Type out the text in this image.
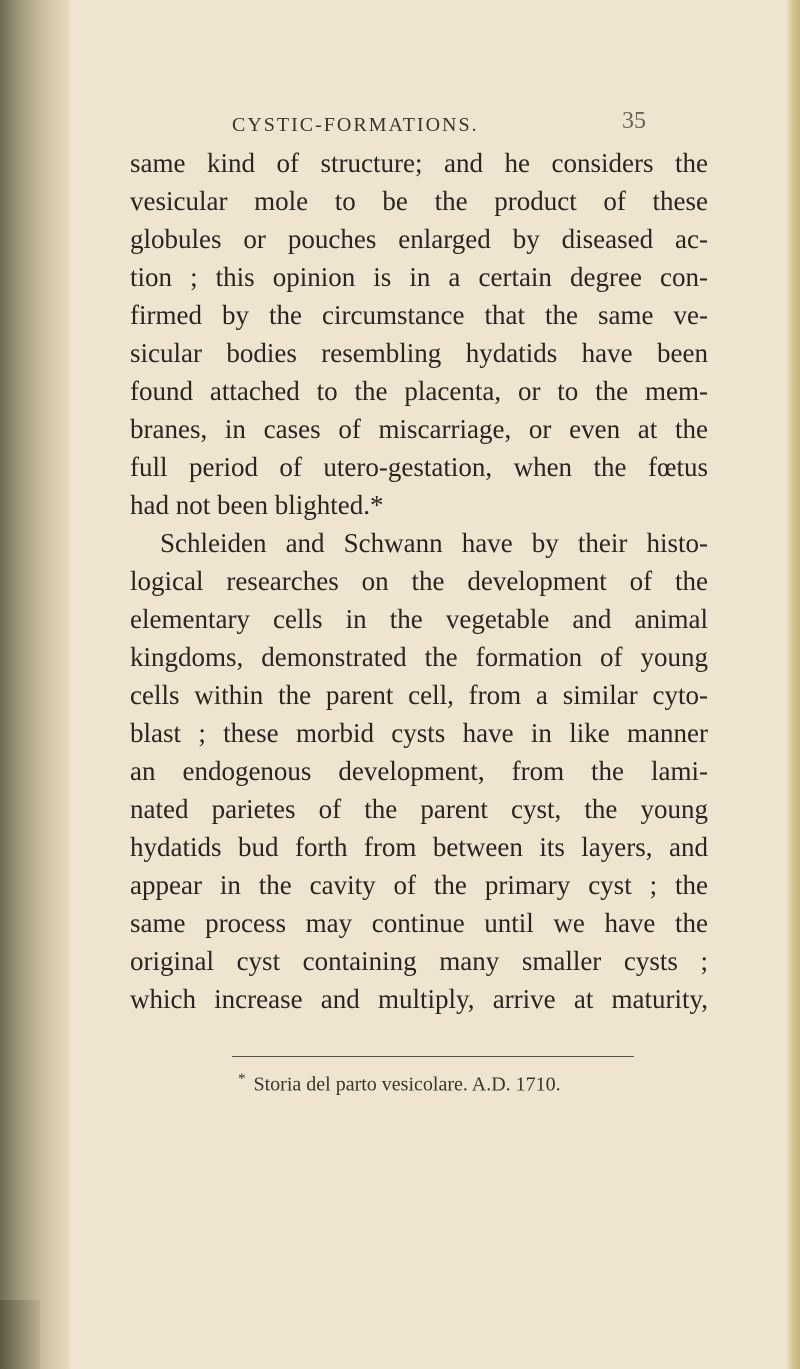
CYSTIC-FORMATIONS.	35
same kind of structure; and he considers the
vesicular mole to be the product of these
globules or pouches enlarged by diseased ac-
tion ; this opinion is in a certain degree con-
firmed by the circumstance that the same ve-
sicular bodies resembling hydatids have been
found attached to the placenta, or to the mem-
branes, in cases of miscarriage, or even at the
full period of utero-gestation, when the fœtus
had not been blighted.*
Schleiden and Schwann have by their histo-
logical researches on the development of the
elementary cells in the vegetable and animal
kingdoms, demonstrated the formation of young
cells within the parent cell, from a similar cyto-
blast ; these morbid cysts have in like manner
an endogenous development, from the lami-
nated parietes of the parent cyst, the young
hydatids bud forth from between its layers, and
appear in the cavity of the primary cyst ; the
same process may continue until we have the
original cyst containing many smaller cysts ;
which increase and multiply, arrive at maturity,
* Storia del parto vesicolare. A.D. 1710.
